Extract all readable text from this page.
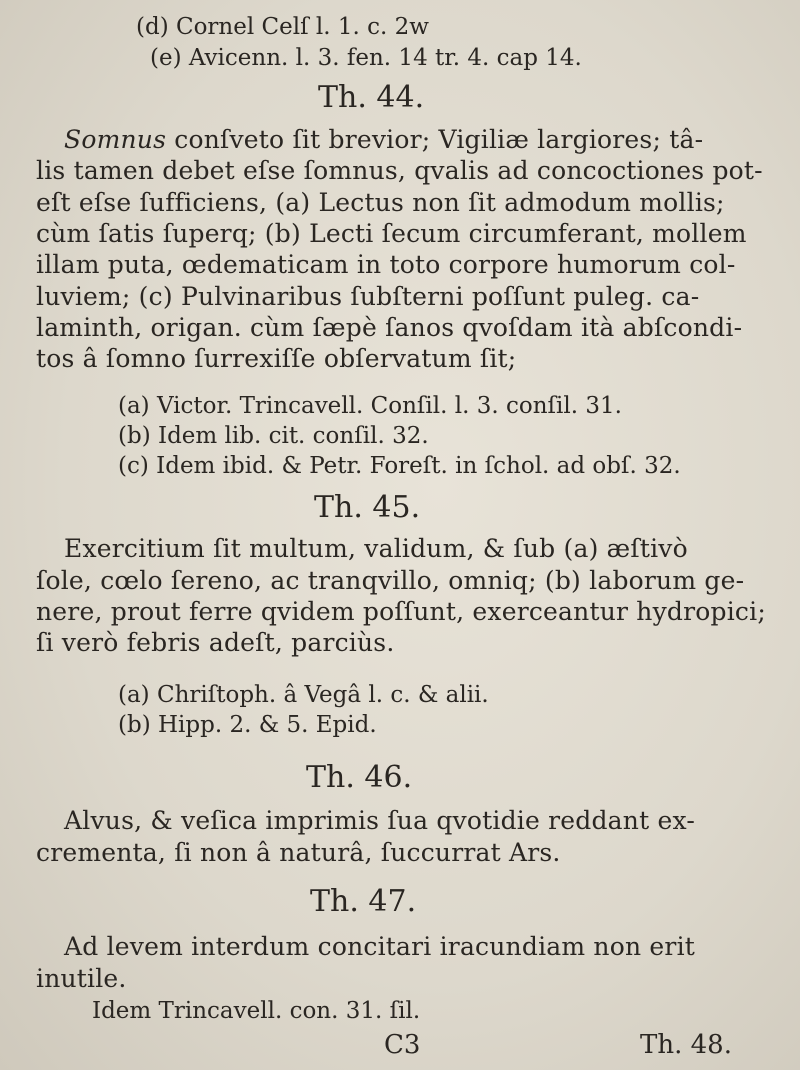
(d) Cornel Celſ l. 1. c. 2w
(e) Avicenn. l. 3. fen. 14 tr. 4. cap 14.
Th. 44.
Somnus conſveto ſit brevior; Vigiliæ largiores; tâ-
lis tamen debet eſse ſomnus, qvalis ad concoctiones pot-
eſt eſse ſufficiens, (a) Lectus non ſit admodum mollis;
cùm ſatis ſuperq; (b) Lecti ſecum circumferant, mollem
illam puta, œdematicam in toto corpore humorum col-
luviem; (c) Pulvinaribus ſubſterni poſſunt puleg. ca-
laminth, origan. cùm ſæpè ſanos qvoſdam ità abſcondi-
tos â ſomno ſurrexiſſe obſervatum ſit;
(a) Victor. Trincavell. Conſil. l. 3. conſil. 31.
(b) Idem lib. cit. conſil. 32.
(c) Idem ibid. & Petr. Foreſt. in ſchol. ad obſ. 32.
Th. 45.
Exercitium ſit multum, validum, & ſub (a) æſtivò
ſole, cœlo ſereno, ac tranqvillo, omniq; (b) laborum ge-
nere, prout ferre qvidem poſſunt, exerceantur hydropici;
ſi verò febris adeſt, parciùs.
(a) Chriſtoph. â Vegâ l. c. & alii.
(b) Hipp. 2. & 5. Epid.
Th. 46.
Alvus, & veſica imprimis ſua qvotidie reddant ex-
crementa, ſi non â naturâ, ſuccurrat Ars.
Th. 47.
Ad levem interdum concitari iracundiam non erit
inutile.
Idem Trincavell. con. 31. ſil.
C3	Th. 48.
